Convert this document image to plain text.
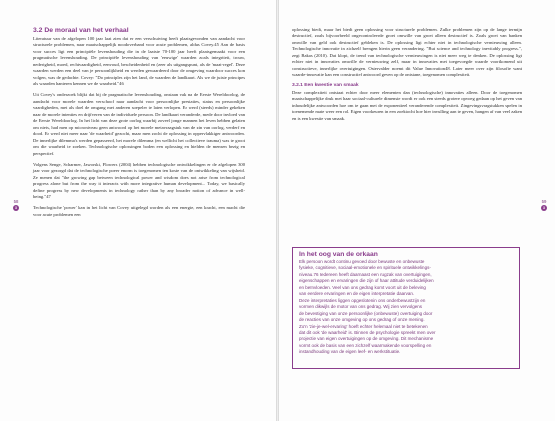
58
3
3.2 De moraal van het verhaal

Literatuur van de afgelopen 100 jaar laat zien dat er een verschuiving heeft plaatsgevonden van aandacht voor structurele problemen, naar maatschappelijk noodoverband voor acute problemen, aldus Covey.45 Aan de basis voor succes ligt een principiële levenshouding die in de laatste 70-100 jaar heeft plaatsgemaakt voor een pragmatische levenshouding. De principiële levenshouding van 'eeuwige' waarden zoals integriteit, trouw, nederigheid, moed, rechtvaardigheid, eenvoud, bescheidenheid en (zeer als uitgangspunt, als de 'maat-regel'. Deze waarden werden een deel van je persoonlijkheid en werden gewaardeerd door de omgeving waardoor succes kon volgen, was de gedachte. Covey: "Do principles zijn het land, de waarden de landkaart. Als we de juiste principes als waarden hanteren kennen we de waarheid."46

Uit Covey's onderzoek blijkt dat bij de pragmatische levenshouding, onstaan vak na de Eerste Wereldoorlog, de aandacht voor morele waarden verschoof naar aandacht voor persoonlijke prestaties, status en persoonlijke vaardigheden, met als doel de omgang met anderen soepeler te laten verlopen. Er werd (steeds) minder gekeken naar de morele intenties en drijfveren van de individuele persoon. De landkaart veranderde, mede door invloed van de Eerste Wereldoorlog. In het licht van deze grote oorlog waarbij zoveel jonge mannen het leven hebben gelaten om niets, had men op microniveau geen antwoord op het morele metavraagstuk van de zin van oorlog, verderf en dood. Er werd niet meer naar 'de waarheid' gezocht, maar men zocht de oplossing in oppervlakkiger antwoorden. De innerlijke dilemma's werden gepasseerd, het morele dilemma (en wellicht het collectieve trauma) was te groot om die waarheid te zoeken. Technologische oplossingen boden een oplossing en hielden de mensen bezig en perspectief.

Volgens Senge, Scharmer, Jaworski, Flowers (2004) hebben technologische ontwikkelingen er de afgelopen 300 jaar voor gezorgd dat de technologische poeer enorm is toegenomen ten koste van de ontwikkeling van wijsheid. Ze menen dat "the growing gap between technological power and wisdom does not arise from technological progress alone but from the way it interacts with more integrative human development... Today, we basically define progress by new developments in technology rather than by any broader notion of advance in well-being."47

Technologische 'power' kan in het licht van Covey uitgelegd worden als een energie, een kracht, een macht die voor acute problemen een

oplossing biedt, maar het biedt geen oplossing voor structurele problemen. Zulke problemen zijn op de lange termijn destructief, zoals bijvoorbeeld ongecontroleerde groei omwille van groei alleen destructief is. Zoals groei van banken omwille van geld ook destructief gebleken is. De oplossing ligt echter niet in technologische vernieuwing alleen. Technologische innovatie in zichzelf brengen hierin geen verandering. "But science and technology inevitably progress.", zegt Bakas (2010). Dat klopt, de trend van technologische vernieuwingen is niet meer weg te denken. De oplossing ligt echter niet in innovaties omwille de vernieuwing zelf, maar in innovaties met toegevoegde waarde voortkomend uit constructieve, innerlijke overtuigingen. Ostervalder noemt dit Value Innovation48. Later meer over zijn filosofie want waarde-innovatie kan een constructief antwoord geven op de ontstane, toegenomen complexiteit.

3.2.1 Een kwestie van smaak

Deze complexiteit ontstaat echter door meer elementen dan (technologische) innovaties alleen. Door de toegenomen maatschappelijke druk met haar sociaal-culturele dimensie wordt er ook een steeds grotere opvoeg gedaan op het geven van inhoudelijke antwoorden hoe om te gaan met de exponentieel veranderende complexiteit. Zingevingsvragstukken spelen in toenemende mate weer een rol. Eigen voorkeuren in een zoektocht hoe hier invulling aan te geven, hangen af van veel zaken en is een kwestie van smaak.

In het oog van de orkaan
Elk persoon wordt continu gevoed door bewuste en onbewuste
fysieke, cognitieve, sociaal-emotionele en spirituele ontwikkelings-
niveau.76 Iedereen heeft daarnaast een rugzak van overtuigingen,
eigenschappen en ervaringen die zijn of haar attitude verduidelijken
en beïnvloeden. Veel van ons gedrag komt voort uit de beleving
van eerdere ervaringen en de eigen interpretatie daarvan.
Deze interpretaties liggen opgeslotenin ons onderbewustzijn en
vormen dikwijls de motor van ons gedrag. Wij zien vervolgens
de bevestiging van onze persoonlijke (onbewuste) overtuiging door
de reacties van onze omgeving op ons gedrag of onze mening.
Zo'n 'zie-je-wel-ervaring' hoeft echter helemaal niet te betekenen
dat dit ook 'de waarheid' is. Binnen de psychologie spreekt men over
projectie van eigen overtuigingen op de omgeving. Dit mechanisme
vormt ook de basis van een zichzelf waarmakende voorspelling en
instandhouding van de eigen leef- en werkstituatie.
59
3
